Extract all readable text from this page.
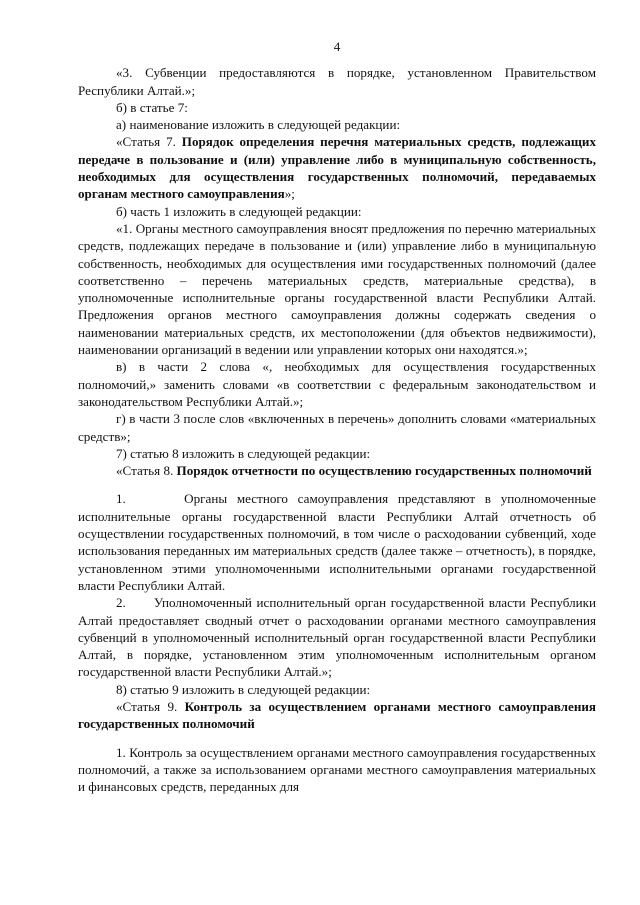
4

«3. Субвенции предоставляются в порядке, установленном Правительством Республики Алтай.»;

б) в статье 7:

а) наименование изложить в следующей редакции:

«Статья 7. Порядок определения перечня материальных средств, подлежащих передаче в пользование и (или) управление либо в муниципальную собственность, необходимых для осуществления государственных полномочий, передаваемых органам местного самоуправления»;

б) часть 1 изложить в следующей редакции:

«1. Органы местного самоуправления вносят предложения по перечню материальных средств, подлежащих передаче в пользование и (или) управление либо в муниципальную собственность, необходимых для осуществления ими государственных полномочий (далее соответственно – перечень материальных средств, материальные средства), в уполномоченные исполнительные органы государственной власти Республики Алтай. Предложения органов местного самоуправления должны содержать сведения о наименовании материальных средств, их местоположении (для объектов недвижимости), наименовании организаций в ведении или управлении которых они находятся.»;

в) в части 2 слова «, необходимых для осуществления государственных полномочий,» заменить словами «в соответствии с федеральным законодательством и законодательством Республики Алтай.»;

г) в части 3 после слов «включенных в перечень» дополнить словами «материальных средств»;

7) статью 8 изложить в следующей редакции:

«Статья 8. Порядок отчетности по осуществлению государственных полномочий

1.      Органы местного самоуправления представляют в уполномоченные исполнительные органы государственной власти Республики Алтай отчетность об осуществлении государственных полномочий, в том числе о расходовании субвенций, ходе использования переданных им материальных средств (далее также – отчетность), в порядке, установленном этими уполномоченными исполнительными органами государственной власти Республики Алтай.

2.      Уполномоченный исполнительный орган государственной власти Республики Алтай предоставляет сводный отчет о расходовании органами местного самоуправления субвенций в уполномоченный исполнительный орган государственной власти Республики Алтай, в порядке, установленном этим уполномоченным исполнительным органом государственной власти Республики Алтай.»;

8) статью 9 изложить в следующей редакции:

«Статья 9. Контроль за осуществлением органами местного самоуправления государственных полномочий

1. Контроль за осуществлением органами местного самоуправления государственных полномочий, а также за использованием органами местного самоуправления материальных и финансовых средств, переданных для
